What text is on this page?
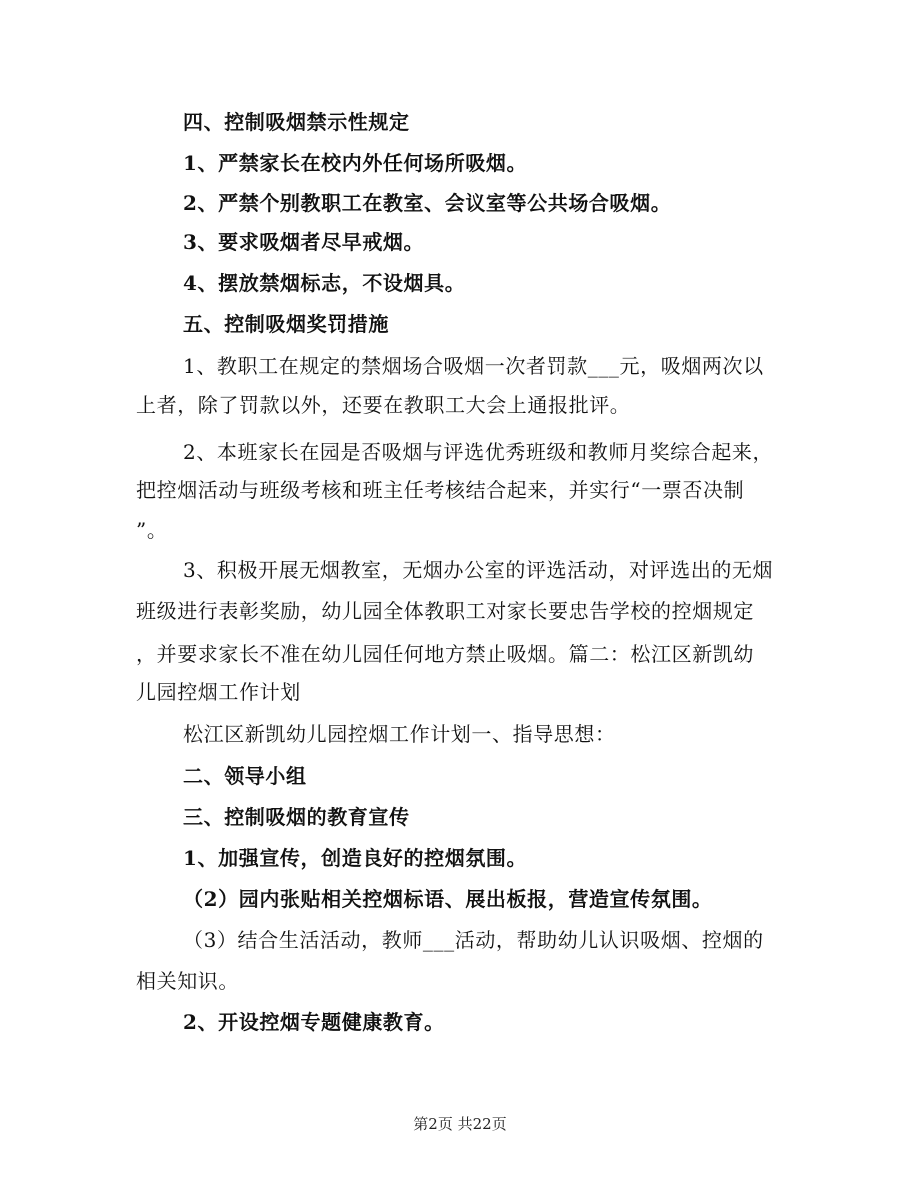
四、控制吸烟禁示性规定
1、严禁家长在校内外任何场所吸烟。
2、严禁个别教职工在教室、会议室等公共场合吸烟。
3、要求吸烟者尽早戒烟。
4、摆放禁烟标志，不设烟具。
五、控制吸烟奖罚措施
1、教职工在规定的禁烟场合吸烟一次者罚款___元，吸烟两次以
上者，除了罚款以外，还要在教职工大会上通报批评。
2、本班家长在园是否吸烟与评选优秀班级和教师月奖综合起来，
把控烟活动与班级考核和班主任考核结合起来，并实行“一票否决制
”。
3、积极开展无烟教室，无烟办公室的评选活动，对评选出的无烟
班级进行表彰奖励，幼儿园全体教职工对家长要忠告学校的控烟规定
，并要求家长不准在幼儿园任何地方禁止吸烟。篇二：松江区新凯幼
儿园控烟工作计划
松江区新凯幼儿园控烟工作计划一、指导思想：
二、领导小组
三、控制吸烟的教育宣传
1、加强宣传，创造良好的控烟氛围。
（2）园内张贴相关控烟标语、展出板报，营造宣传氛围。
（3）结合生活活动，教师___活动，帮助幼儿认识吸烟、控烟的
相关知识。
2、开设控烟专题健康教育。
第2页 共22页
